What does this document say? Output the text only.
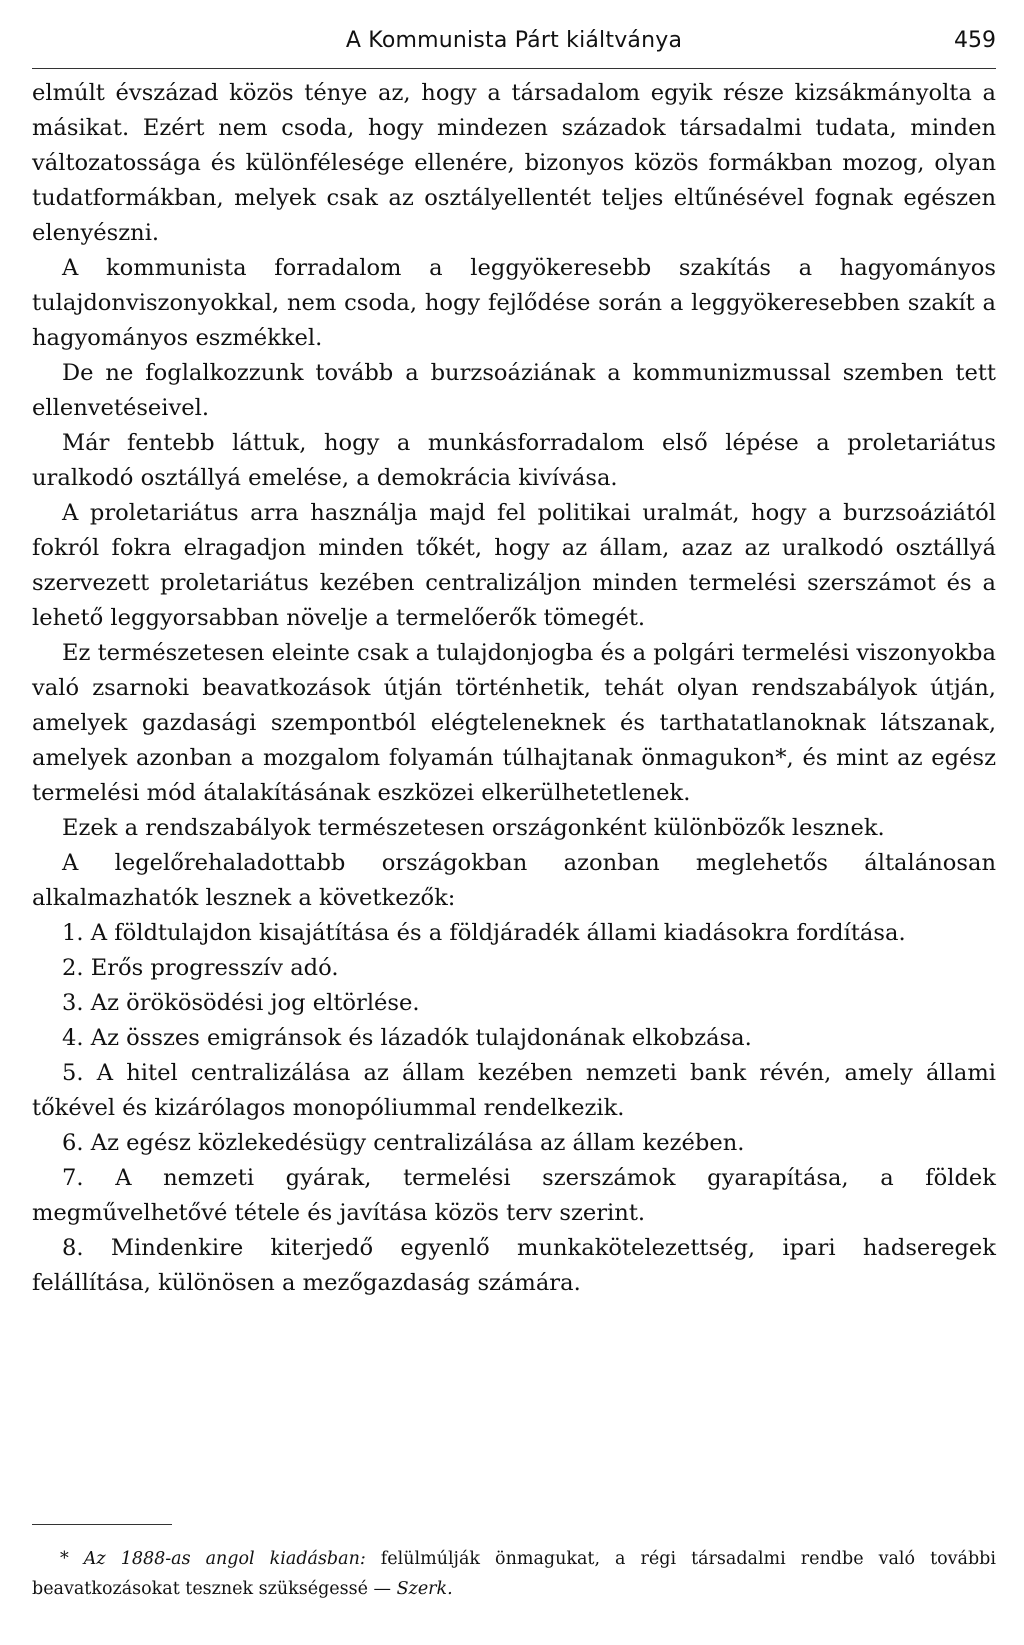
A Kommunista Párt kiáltványa	459

elmúlt évszázad közös ténye az, hogy a társadalom egyik része kizsákmányolta a másikat. Ezért nem csoda, hogy mindezen századok társadalmi tudata, minden változatossága és különfélesége ellenére, bizonyos közös formákban mozog, olyan tudatformákban, melyek csak az osztályellentét teljes eltűnésével fognak egészen elenyészni.

A kommunista forradalom a leggyökeresebb szakítás a hagyományos tulajdonviszonyokkal, nem csoda, hogy fejlődése során a leggyökeresebben szakít a hagyományos eszmékkel.

De ne foglalkozzunk tovább a burzsoáziának a kommunizmussal szemben tett ellenvetéseivel.

Már fentebb láttuk, hogy a munkásforradalom első lépése a proletariátus uralkodó osztállyá emelése, a demokrácia kivívása.

A proletariátus arra használja majd fel politikai uralmát, hogy a burzsoáziától fokról fokra elragadjon minden tőkét, hogy az állam, azaz az uralkodó osztállyá szervezett proletariátus kezében centralizáljon minden termelési szerszámot és a lehető leggyorsabban növelje a termelőerők tömegét.

Ez természetesen eleinte csak a tulajdonjogba és a polgári termelési viszonyokba való zsarnoki beavatkozások útján történhetik, tehát olyan rendszabályok útján, amelyek gazdasági szempontból elégteleneknek és tarthatatlanoknak látszanak, amelyek azonban a mozgalom folyamán túlhajtanak önmagukon*, és mint az egész termelési mód átalakításának eszközei elkerülhetetlenek.

Ezek a rendszabályok természetesen országonként különbözők lesznek.

A legelőrehaladottabb országokban azonban meglehetős általánosan alkalmazhatók lesznek a következők:

1. A földtulajdon kisajátítása és a földjáradék állami kiadásokra fordítása.

2. Erős progresszív adó.

3. Az örökösödési jog eltörlése.

4. Az összes emigránsok és lázadók tulajdonának elkobzása.

5. A hitel centralizálása az állam kezében nemzeti bank révén, amely állami tőkével és kizárólagos monopóliummal rendelkezik.

6. Az egész közlekedésügy centralizálása az állam kezében.

7. A nemzeti gyárak, termelési szerszámok gyarapítása, a földek megművelhetővé tétele és javítása közös terv szerint.

8. Mindenkire kiterjedő egyenlő munkakötelezettség, ipari hadseregek felállítása, különösen a mezőgazdaság számára.

* Az 1888-as angol kiadásban: felülmúlják önmagukat, a régi társadalmi rendbe való további beavatkozásokat tesznek szükségessé — Szerk.
